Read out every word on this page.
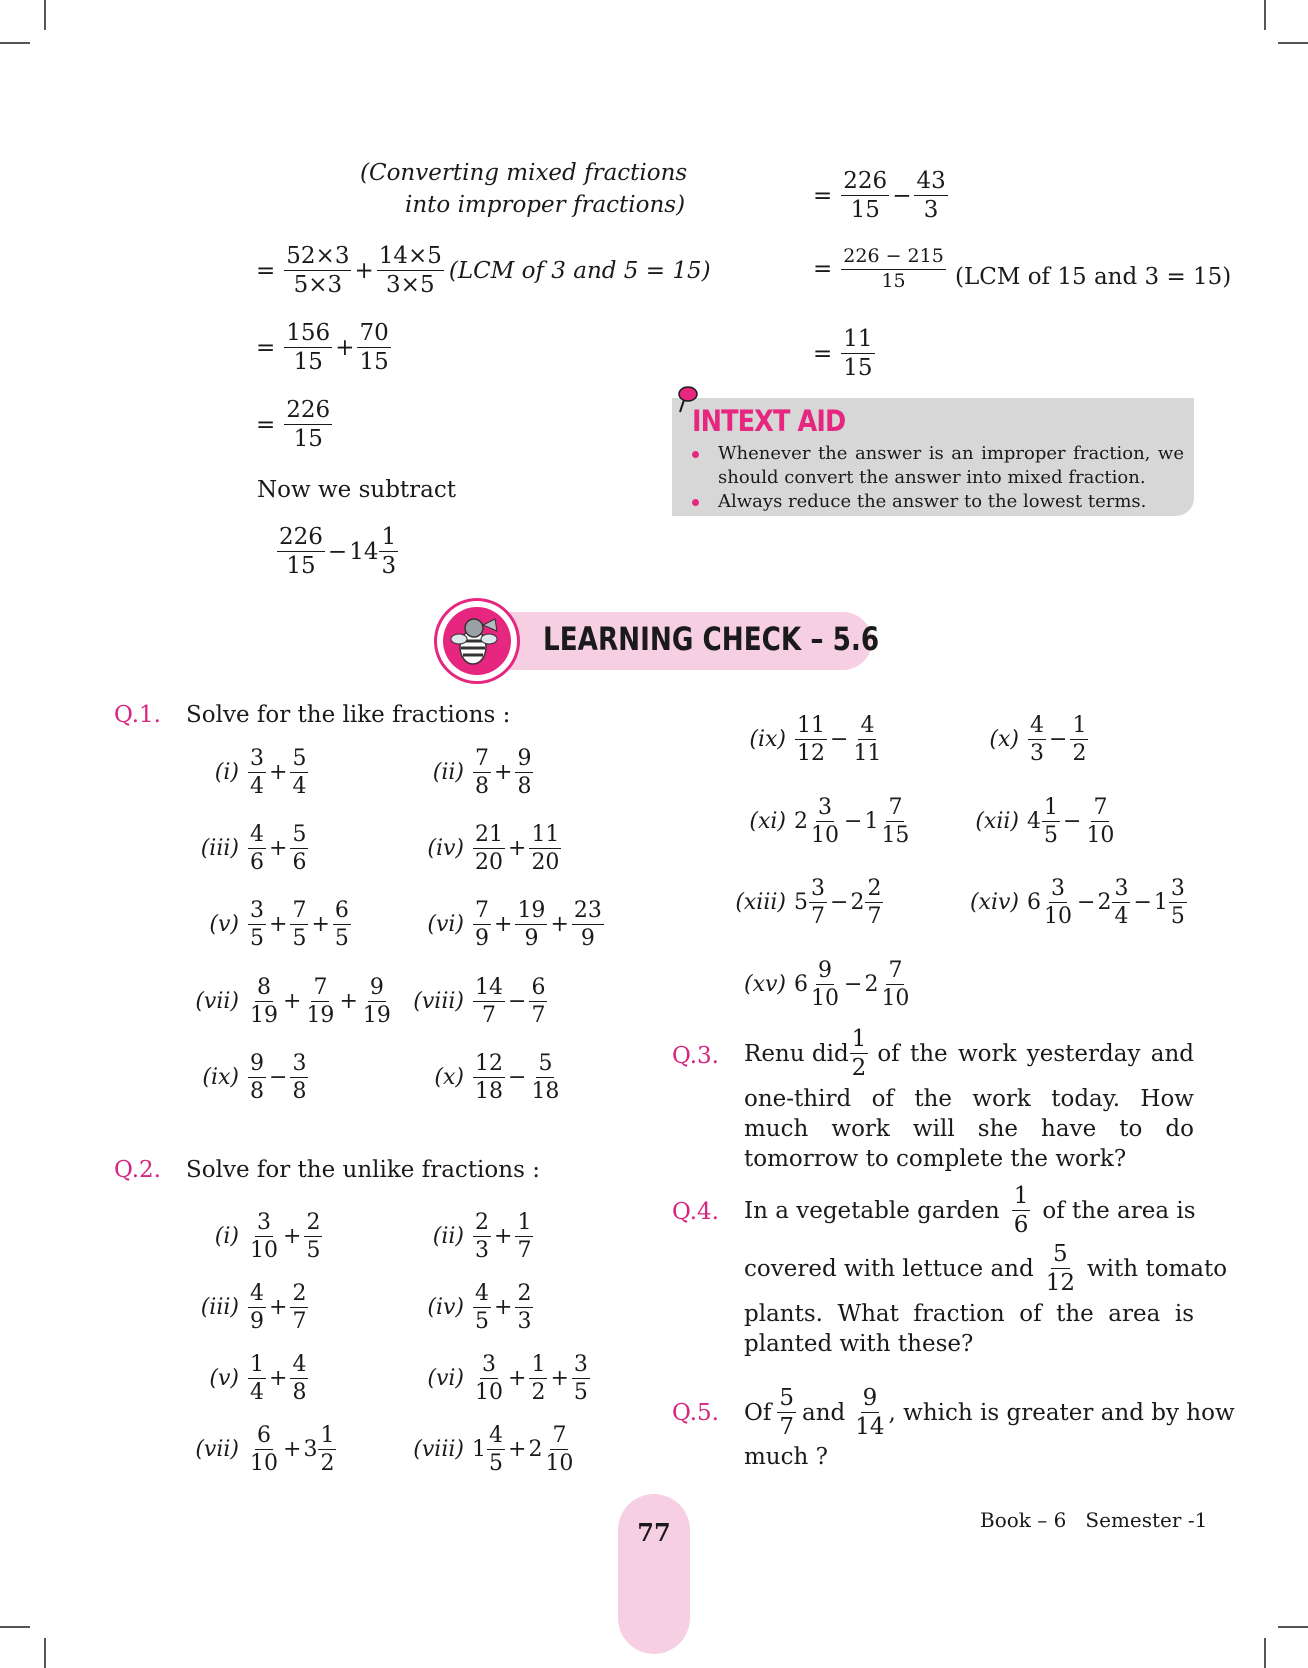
(Converting mixed fractions
into improper fractions)
= $\frac{52\times 3}{5\times 3} + \frac{14\times 5}{3\times 5} (LCM$ of 3 and 5 = 15)
= $\frac{156}{15} + \frac{70}{15}$
= $\frac{226}{15}$
Now we subtract
$\frac{226}{15} - 14 \frac{1}{3}$
= $\frac{226}{15} - \frac{43}{3}$
= $\frac{226 - 215}{15} (LCM$ of 15 and 3 = 15)
= $\frac{11}{15}$
INTEXT AID
Whenever the answer is an improper fraction, we should convert the answer into mixed fraction.
Always reduce the answer to the lowest terms.
LEARNING CHECK – 5.6
Q.1. Solve for the like fractions :
$(i) \frac{3}{4} + \frac{5}{4}$	$(ii) \frac{7}{8} + \frac{9}{8}$
$(iii) \frac{4}{6} + \frac{5}{6}$	$(iv) \frac{21}{20} + \frac{11}{20}$
$(v) \frac{3}{5} + \frac{7}{5} + \frac{6}{5}$	$(vi) \frac{7}{9} + \frac{19}{9} + \frac{23}{9}$
$(vii) \frac{8}{19} + \frac{7}{19} + \frac{9}{19}$ (viii) $\frac{14}{7} - \frac{6}{7}$
$(ix) \frac{9}{8} - \frac{3}{8}$	$(x) \frac{12}{18} - \frac{5}{18}$
Q.2. Solve for the unlike fractions :
$(i) \frac{3}{10} + \frac{2}{5}$	$(ii) \frac{2}{3} + \frac{1}{7}$
$(iii) \frac{4}{9} + \frac{2}{7}$	$(iv) \frac{4}{5} + \frac{2}{3}$
$(v) \frac{1}{4} + \frac{4}{8}$	$(vi) \frac{3}{10} + \frac{1}{2} + \frac{3}{5}$
$(vii) \frac{6}{10} + 3 \frac{1}{2}$	(viii) $1 \frac{4}{5} + 2 \frac{7}{10}$
$(ix) \frac{11}{12} - \frac{4}{11}$	$(x) \frac{4}{3} - \frac{1}{2}$
(xi) $2 \frac{3}{10} - 1 \frac{7}{15}$	(xii) $4 \frac{1}{5} - \frac{7}{10}$
(xiii) $5 \frac{3}{7} - 2 \frac{2}{7}$	(xiv) $6 \frac{3}{10} - 2 \frac{3}{4} - 1 \frac{3}{5}$
(xv) $6 \frac{9}{10} - 2 \frac{7}{10}$
Q.3. Renu did $\frac{1}{2}$ of the work yesterday and
one-third of the work today. How much work will she have to do tomorrow to complete the work?
Q.4. In a vegetable garden $\frac{1}{6}$ of the area is
covered with lettuce and $\frac{5}{12}$ with tomato
plants. What fraction of the area is planted with these?
Q.5. Of $\frac{5}{7}$ and $\frac{9}{14}$ , which is greater and by how
much ?
77	Book – 6 Semester -1
